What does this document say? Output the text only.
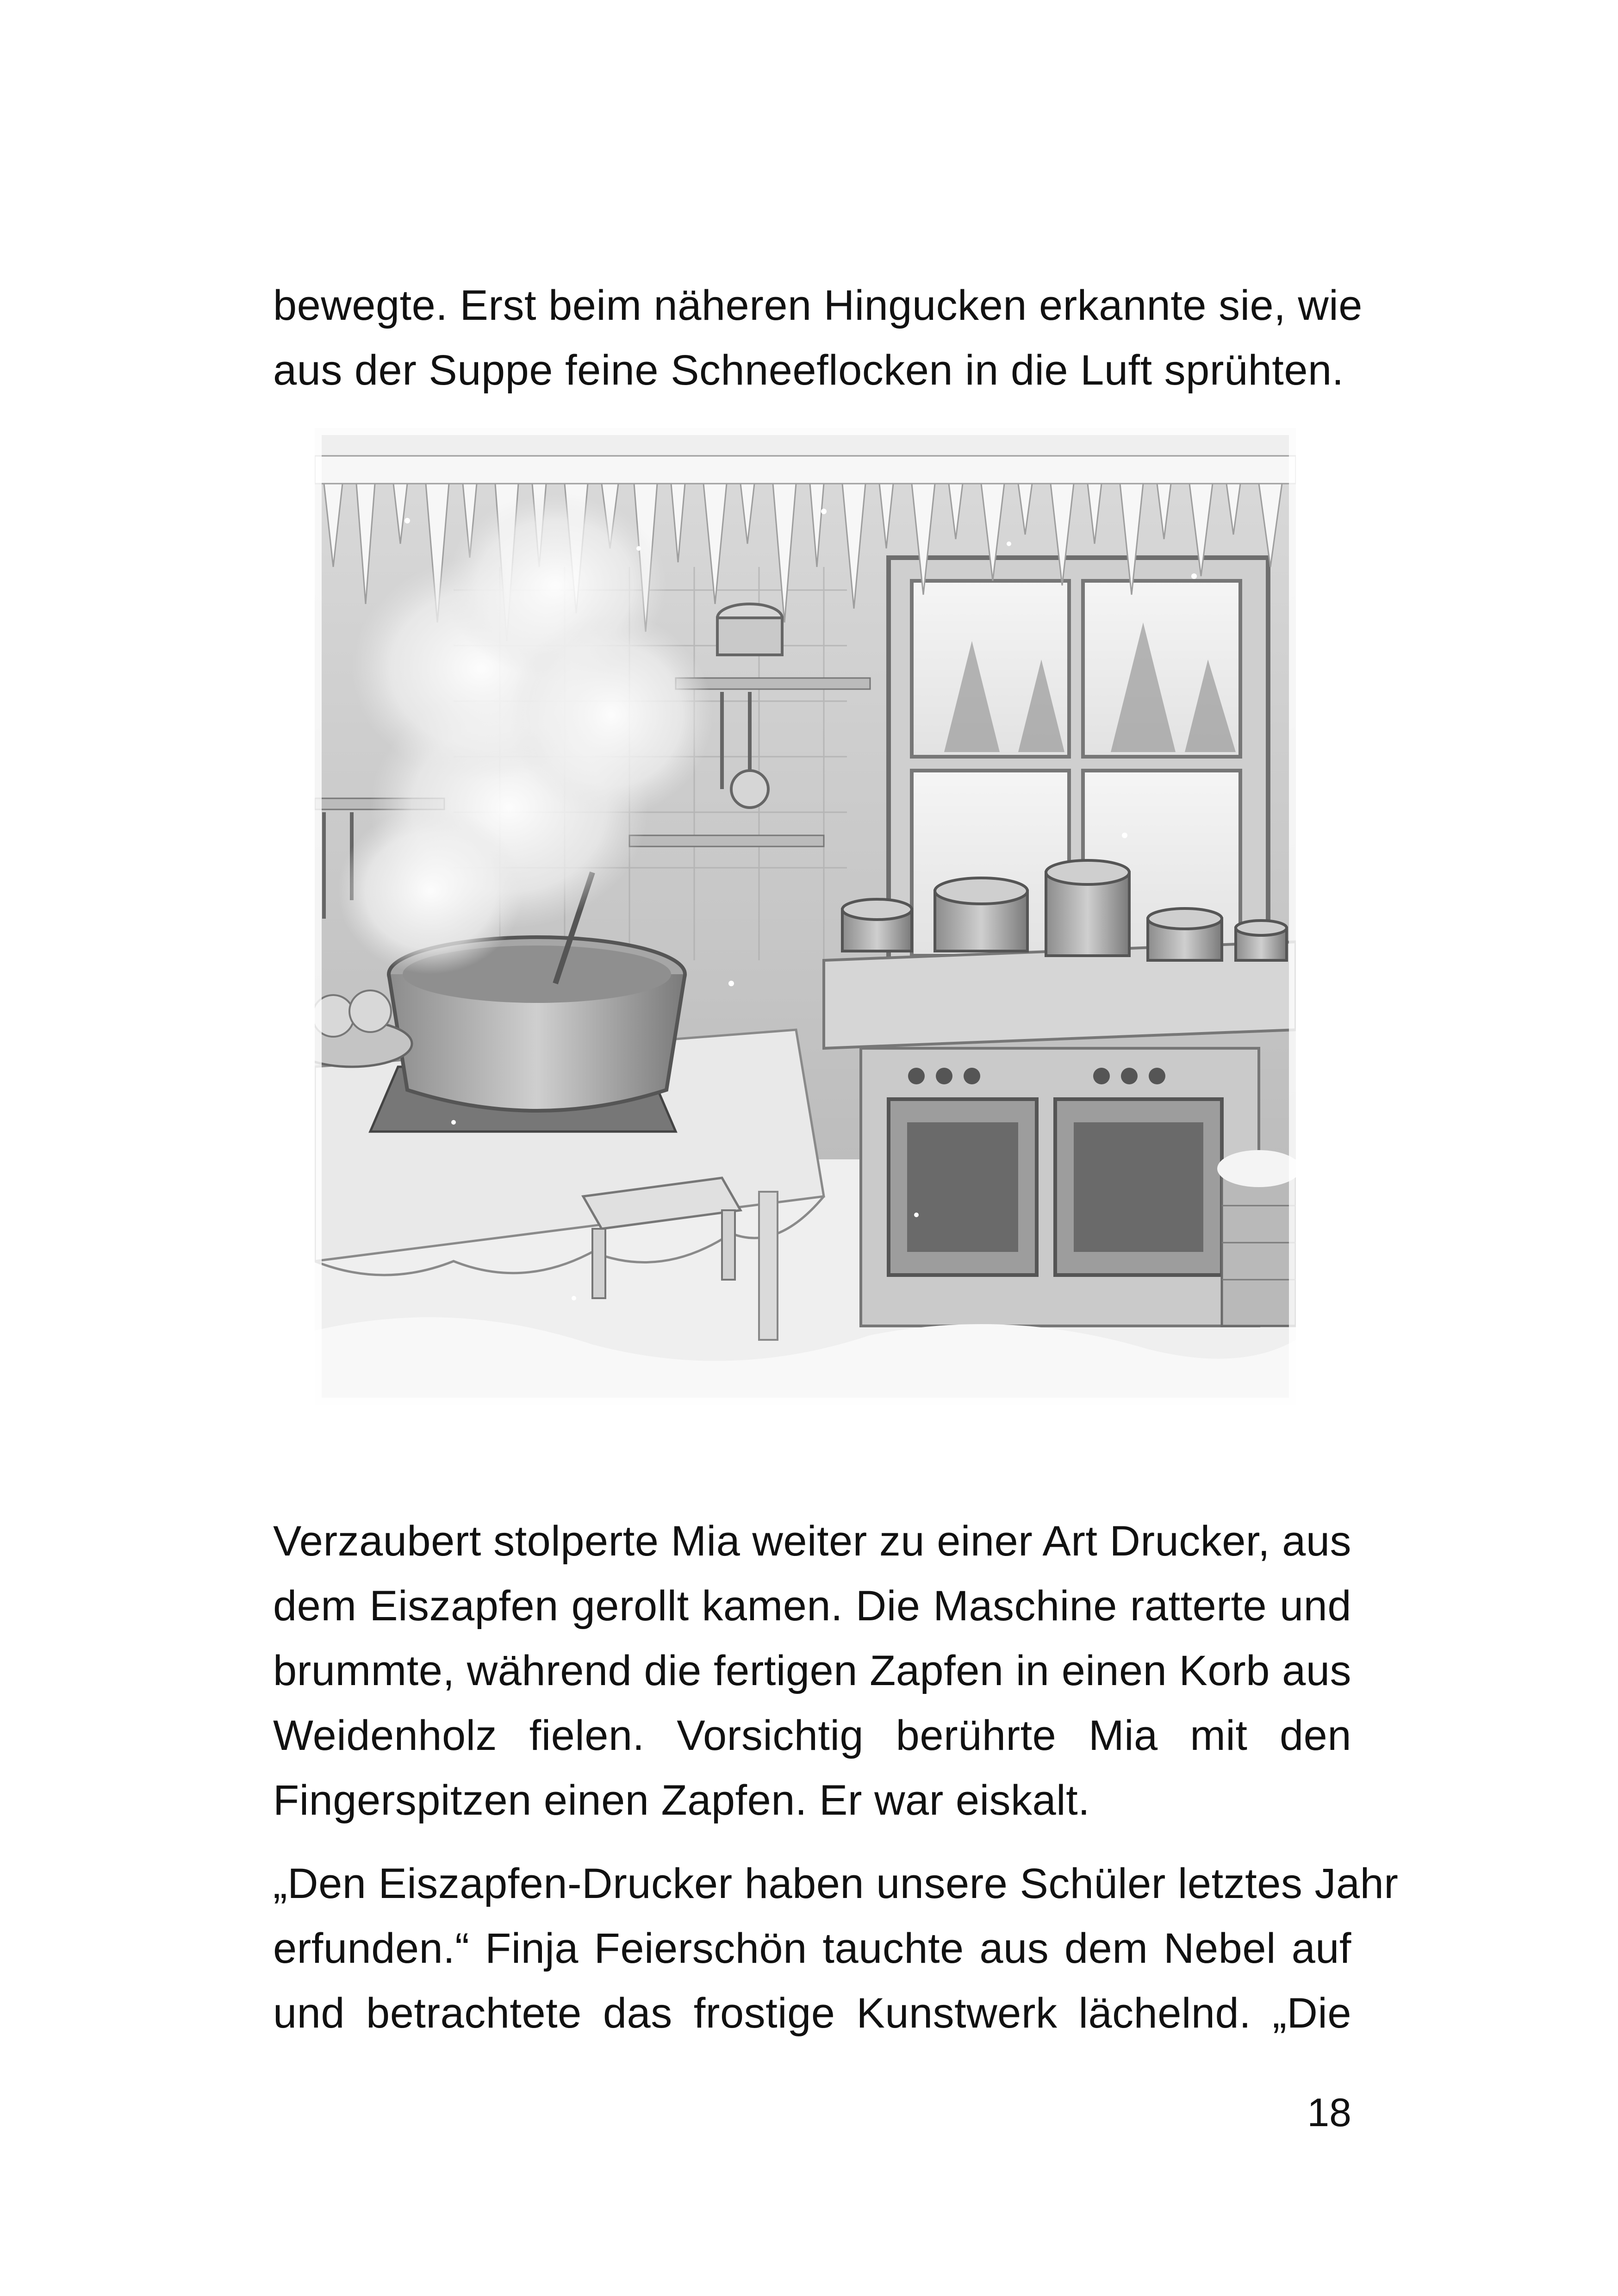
bewegte. Erst beim näheren Hingucken erkannte sie, wie
aus der Suppe feine Schneeflocken in die Luft sprühten.

Verzaubert stolperte Mia weiter zu einer Art Drucker, aus
dem Eiszapfen gerollt kamen. Die Maschine ratterte und
brummte, während die fertigen Zapfen in einen Korb aus
Weidenholz fielen. Vorsichtig berührte Mia mit den
Fingerspitzen einen Zapfen. Er war eiskalt.

„Den Eiszapfen-Drucker haben unsere Schüler letztes Jahr
erfunden.“ Finja Feierschön tauchte aus dem Nebel auf
und betrachtete das frostige Kunstwerk lächelnd. „Die

18
